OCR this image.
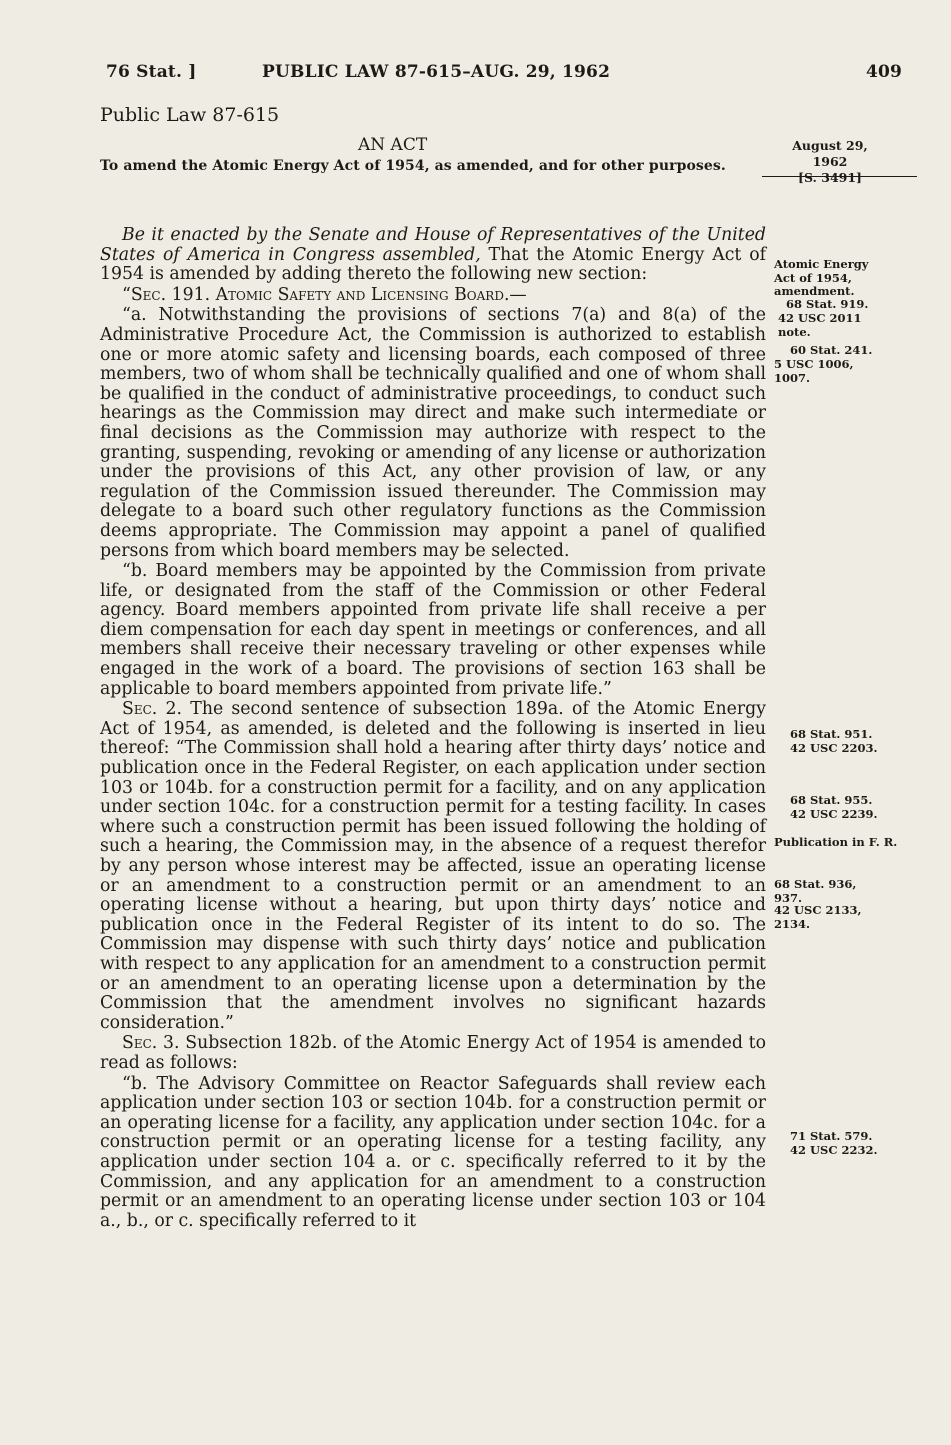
76 Stat. ]	PUBLIC LAW 87-615–AUG. 29, 1962	409
Public Law 87-615
AN ACT
To amend the Atomic Energy Act of 1954, as amended, and for other purposes.
August 29, 1962
[S. 3491]

Be it enacted by the Senate and House of Representatives of the United States of America in Congress assembled, That the Atomic Energy Act of 1954 is amended by adding thereto the following new section:

“Sec. 191. Atomic Safety and Licensing Board.—

“a. Notwithstanding the provisions of sections 7(a) and 8(a) of the Administrative Procedure Act, the Commission is authorized to establish one or more atomic safety and licensing boards, each composed of three members, two of whom shall be technically qualified and one of whom shall be qualified in the conduct of administrative proceedings, to conduct such hearings as the Commission may direct and make such intermediate or final decisions as the Commission may authorize with respect to the granting, suspending, revoking or amending of any license or authorization under the provisions of this Act, any other provision of law, or any regulation of the Commission issued thereunder. The Commission may delegate to a board such other regulatory functions as the Commission deems appropriate. The Commission may appoint a panel of qualified persons from which board members may be selected.

“b. Board members may be appointed by the Commission from private life, or designated from the staff of the Commission or other Federal agency. Board members appointed from private life shall receive a per diem compensation for each day spent in meetings or conferences, and all members shall receive their necessary traveling or other expenses while engaged in the work of a board. The provisions of section 163 shall be applicable to board members appointed from private life.”

Sec. 2. The second sentence of subsection 189a. of the Atomic Energy Act of 1954, as amended, is deleted and the following is inserted in lieu thereof: “The Commission shall hold a hearing after thirty days’ notice and publication once in the Federal Register, on each application under section 103 or 104b. for a construction permit for a facility, and on any application under section 104c. for a construction permit for a testing facility. In cases where such a construction permit has been issued following the holding of such a hearing, the Commission may, in the absence of a request therefor by any person whose interest may be affected, issue an operating license or an amendment to a construction permit or an amendment to an operating license without a hearing, but upon thirty days’ notice and publication once in the Federal Register of its intent to do so. The Commission may dispense with such thirty days’ notice and publication with respect to any application for an amendment to a construction permit or an amendment to an operating license upon a determination by the Commission that the amendment involves no significant hazards consideration.”

Sec. 3. Subsection 182b. of the Atomic Energy Act of 1954 is amended to read as follows:

“b. The Advisory Committee on Reactor Safeguards shall review each application under section 103 or section 104b. for a construction permit or an operating license for a facility, any application under section 104c. for a construction permit or an operating license for a testing facility, any application under section 104 a. or c. specifically referred to it by the Commission, and any application for an amendment to a construction permit or an amendment to an operating license under section 103 or 104 a., b., or c. specifically referred to it

Atomic Energy Act of 1954, amendment.
68 Stat. 919.
42 USC 2011 note.
60 Stat. 241.
5 USC 1006, 1007.
68 Stat. 951.
42 USC 2203.
68 Stat. 955.
42 USC 2239.
Publication in F. R.
68 Stat. 936, 937.
42 USC 2133, 2134.
71 Stat. 579.
42 USC 2232.
